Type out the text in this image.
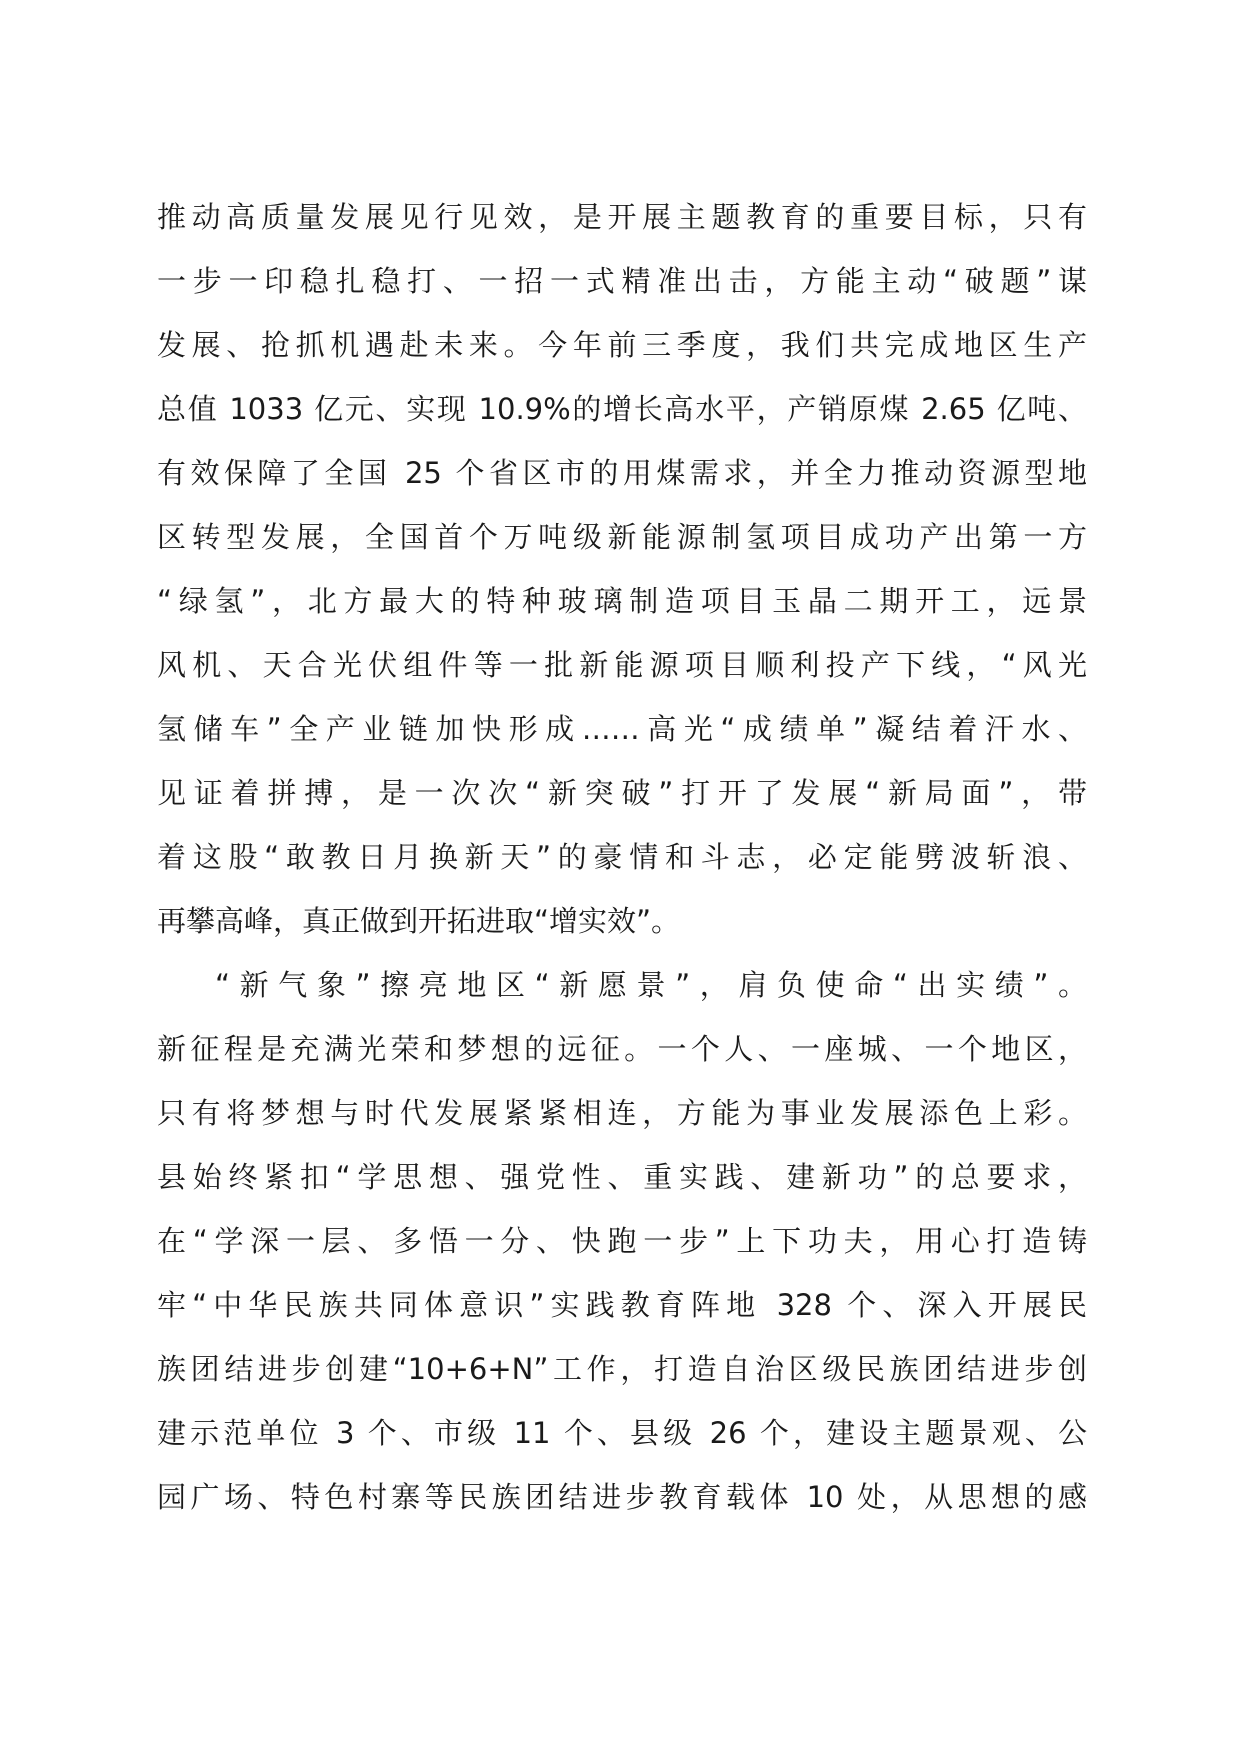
推动高质量发展见行见效，是开展主题教育的重要目标，只有
一步一印稳扎稳打、一招一式精准出击，方能主动“破题”谋
发展、抢抓机遇赴未来。今年前三季度，我们共完成地区生产
总值 1033 亿元、实现 10.9%的增长高水平，产销原煤 2.65 亿吨、
有效保障了全国 25 个省区市的用煤需求，并全力推动资源型地
区转型发展，全国首个万吨级新能源制氢项目成功产出第一方
“绿氢”，北方最大的特种玻璃制造项目玉晶二期开工，远景
风机、天合光伏组件等一批新能源项目顺利投产下线，“风光
氢储车”全产业链加快形成……高光“成绩单”凝结着汗水、
见证着拼搏，是一次次“新突破”打开了发展“新局面”，带
着这股“敢教日月换新天”的豪情和斗志，必定能劈波斩浪、
再攀高峰，真正做到开拓进取“增实效”。
“新气象”擦亮地区“新愿景”，肩负使命“出实绩”。
新征程是充满光荣和梦想的远征。一个人、一座城、一个地区，
只有将梦想与时代发展紧紧相连，方能为事业发展添色上彩。
县始终紧扣“学思想、强党性、重实践、建新功”的总要求，
在“学深一层、多悟一分、快跑一步”上下功夫，用心打造铸
牢“中华民族共同体意识”实践教育阵地 328 个、深入开展民
族团结进步创建“10+6+N”工作，打造自治区级民族团结进步创
建示范单位 3 个、市级 11 个、县级 26 个，建设主题景观、公
园广场、特色村寨等民族团结进步教育载体 10 处，从思想的感
